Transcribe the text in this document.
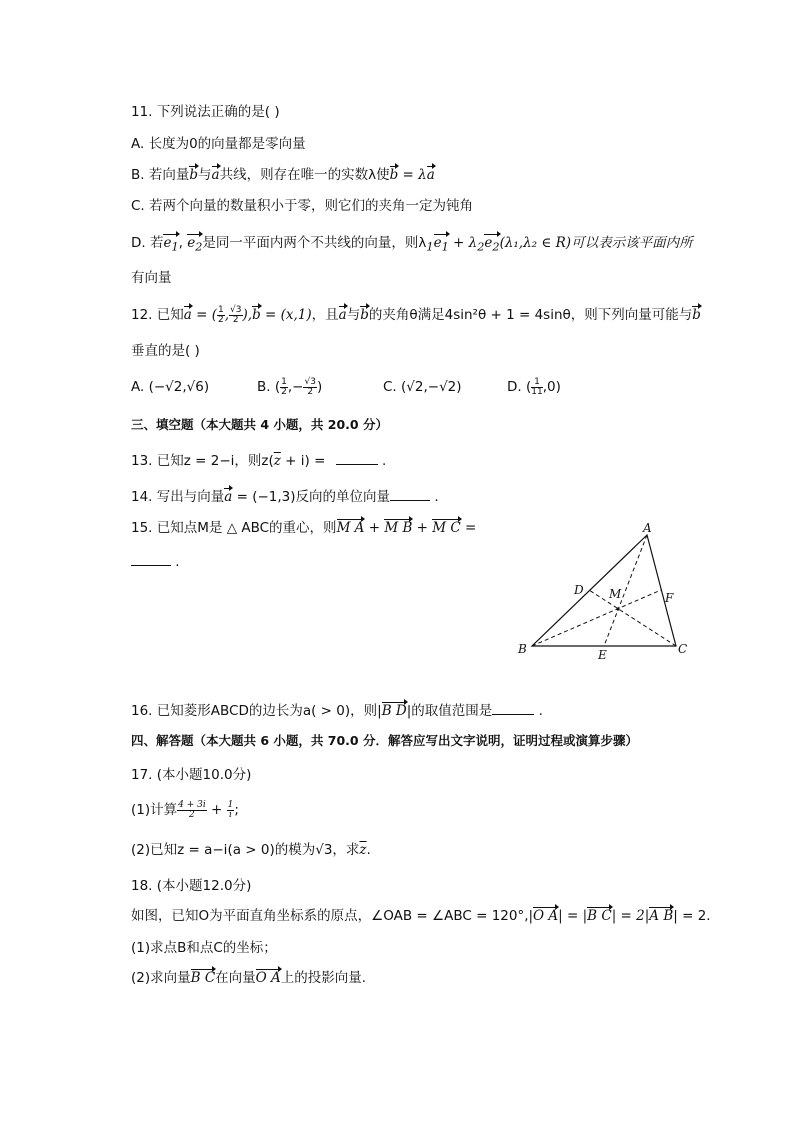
11. 下列说法正确的是( )
A. 长度为0的向量都是零向量
B. 若向量b与a共线，则存在唯一的实数λ使b = λa
C. 若两个向量的数量积小于零，则它们的夹角一定为钝角
D. 若$e_1$, $e_2$是同一平面内两个不共线的向量，则$\lambda_1e_1 + \lambda_2e_2(\lambda_1,\lambda_2$ ∈ R)可以表示该平面内所
有向量
12. 已知a = ( $\frac{1}{2}$ , $\frac{√3}{2} ),b = (x,1)$，且a与b的夹角θ满足4sin²θ + 1 = 4sinθ，则下列向量可能与b
垂直的是( )
A. (−√2,√6)	B. ( $\frac{1}{2}$ ,− $\frac{√3}{2}$ )	C. (√2,−√2)	D. ( $\frac{1}{11} ,0$)
三、填空题（本大题共 4 小题，共 20.0 分）
13. 已知z = 2−i，则$z(\overline{z} + i)$ =	.
14. 写出与向量a = (−1,3)反向的单位向量	.
15. 已知点M是 △ ABC的重心，则M A + M B + M C =
.
A
B	C
D
E
F
M
16. 已知菱形ABCD的边长为a( > 0)，则|B D|的取值范围是	.
四、解答题（本大题共 6 小题，共 70.0 分．解答应写出文字说明，证明过程或演算步骤）
17. (本小题10.0分)
(1)计算 $\frac{4 + 3i}{2} + \frac{1}{i}$ ;
(2)已知z = a−i(a > 0)的模为√3，求$\overline{z}$.
18. (本小题12.0分)
如图，已知O为平面直角坐标系的原点，∠OAB = ∠ABC = 120°,|O A| = |B C| = 2|A B| = 2.
(1)求点B和点C的坐标；
(2)求向量B C在向量O A上的投影向量.
